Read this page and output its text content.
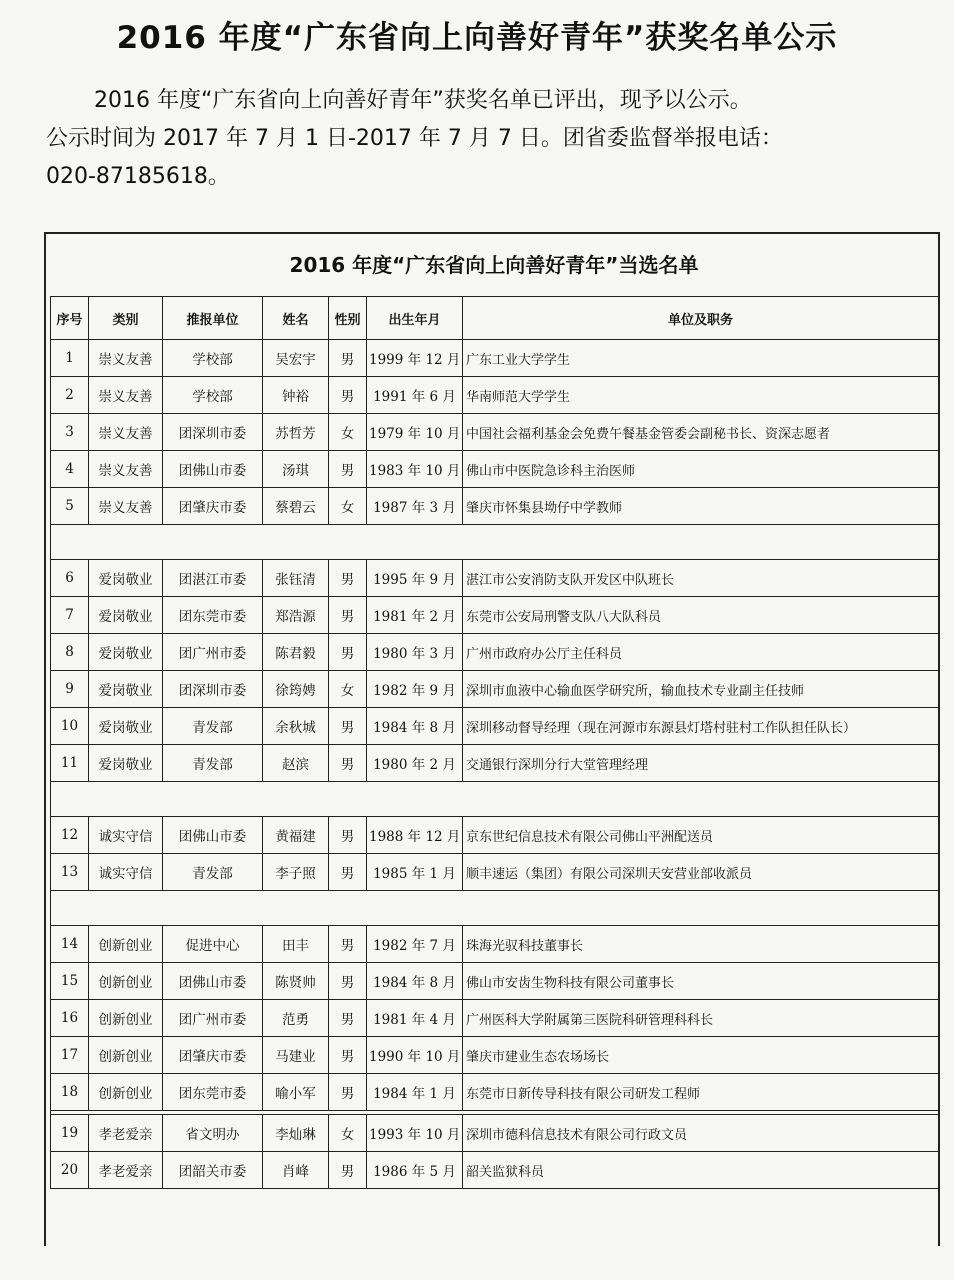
2016 年度“广东省向上向善好青年”获奖名单公示

2016 年度“广东省向上向善好青年”获奖名单已评出，现予以公示。

公示时间为 2017 年 7 月 1 日-2017 年 7 月 7 日。团省委监督举报电话：

020-87185618。

2016 年度“广东省向上向善好青年”当选名单
序号	类别	推报单位	姓名	性别	出生年月	单位及职务
1	崇义友善	学校部	吴宏宇	男	1999 年 12 月	广东工业大学学生
2	崇义友善	学校部	钟裕	男	1991 年 6 月	华南师范大学学生
3	崇义友善	团深圳市委	苏哲芳	女	1979 年 10 月	中国社会福利基金会免费午餐基金管委会副秘书长、资深志愿者
4	崇义友善	团佛山市委	汤琪	男	1983 年 10 月	佛山市中医院急诊科主治医师
5	崇义友善	团肇庆市委	蔡碧云	女	1987 年 3 月	肇庆市怀集县坳仔中学教师

6	爱岗敬业	团湛江市委	张钰清	男	1995 年 9 月	湛江市公安消防支队开发区中队班长
7	爱岗敬业	团东莞市委	郑浩源	男	1981 年 2 月	东莞市公安局刑警支队八大队科员
8	爱岗敬业	团广州市委	陈君毅	男	1980 年 3 月	广州市政府办公厅主任科员
9	爱岗敬业	团深圳市委	徐筠娉	女	1982 年 9 月	深圳市血液中心输血医学研究所，输血技术专业副主任技师
10	爱岗敬业	青发部	余秋城	男	1984 年 8 月	深圳移动督导经理（现在河源市东源县灯塔村驻村工作队担任队长）
11	爱岗敬业	青发部	赵滨	男	1980 年 2 月	交通银行深圳分行大堂管理经理

12	诚实守信	团佛山市委	黄福建	男	1988 年 12 月	京东世纪信息技术有限公司佛山平洲配送员
13	诚实守信	青发部	李子照	男	1985 年 1 月	顺丰速运（集团）有限公司深圳天安营业部收派员

14	创新创业	促进中心	田丰	男	1982 年 7 月	珠海光驭科技董事长
15	创新创业	团佛山市委	陈贤帅	男	1984 年 8 月	佛山市安齿生物科技有限公司董事长
16	创新创业	团广州市委	范勇	男	1981 年 4 月	广州医科大学附属第三医院科研管理科科长
17	创新创业	团肇庆市委	马建业	男	1990 年 10 月	肇庆市建业生态农场场长
18	创新创业	团东莞市委	喻小军	男	1984 年 1 月	东莞市日新传导科技有限公司研发工程师

19	孝老爱亲	省文明办	李灿琳	女	1993 年 10 月	深圳市德科信息技术有限公司行政文员
20	孝老爱亲	团韶关市委	肖峰	男	1986 年 5 月	韶关监狱科员
